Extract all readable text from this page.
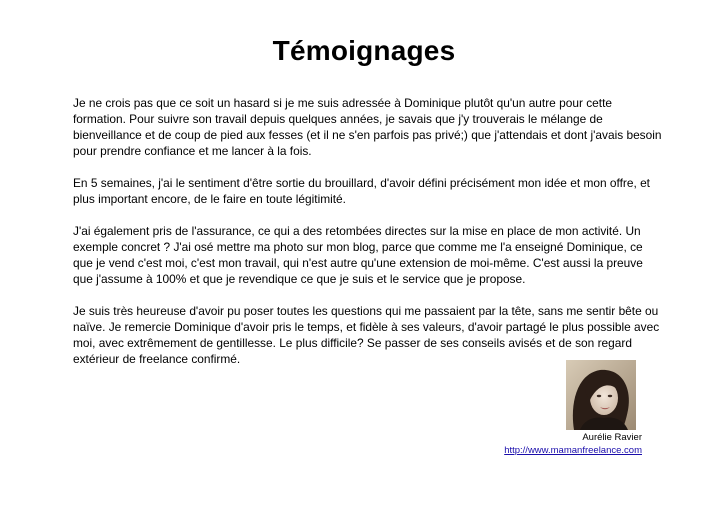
Témoignages

Je ne crois pas que ce soit un hasard si je me suis adressée à Dominique plutôt qu'un autre pour cette formation. Pour suivre son travail depuis quelques années, je savais que j'y trouverais le mélange de bienveillance et de coup de pied aux fesses (et il ne s'en parfois pas privé;) que j'attendais et dont j'avais besoin pour prendre confiance et me lancer à la fois.

En 5 semaines, j'ai le sentiment d'être sortie du brouillard, d'avoir défini précisément mon idée et mon offre, et plus important encore, de le faire en toute légitimité.

J'ai également pris de l'assurance, ce qui a des retombées directes sur la mise en place de mon activité. Un exemple concret ? J'ai osé mettre ma photo sur mon blog, parce que comme me l'a enseigné Dominique, ce que je vend c'est moi, c'est mon travail, qui n'est autre qu'une extension de moi-même. C'est aussi la preuve que j'assume à 100% et que je revendique ce que je suis et le service que je propose.

Je suis très heureuse d'avoir pu poser toutes les questions qui me passaient par la tête, sans me sentir bête ou naïve. Je remercie Dominique d'avoir pris le temps, et fidèle à ses valeurs, d'avoir partagé le plus possible avec moi, avec extrêmement de gentillesse. Le plus difficile? Se passer de ses conseils avisés et de son regard extérieur de freelance confirmé.

Aurélie Ravier
http://www.mamanfreelance.com
